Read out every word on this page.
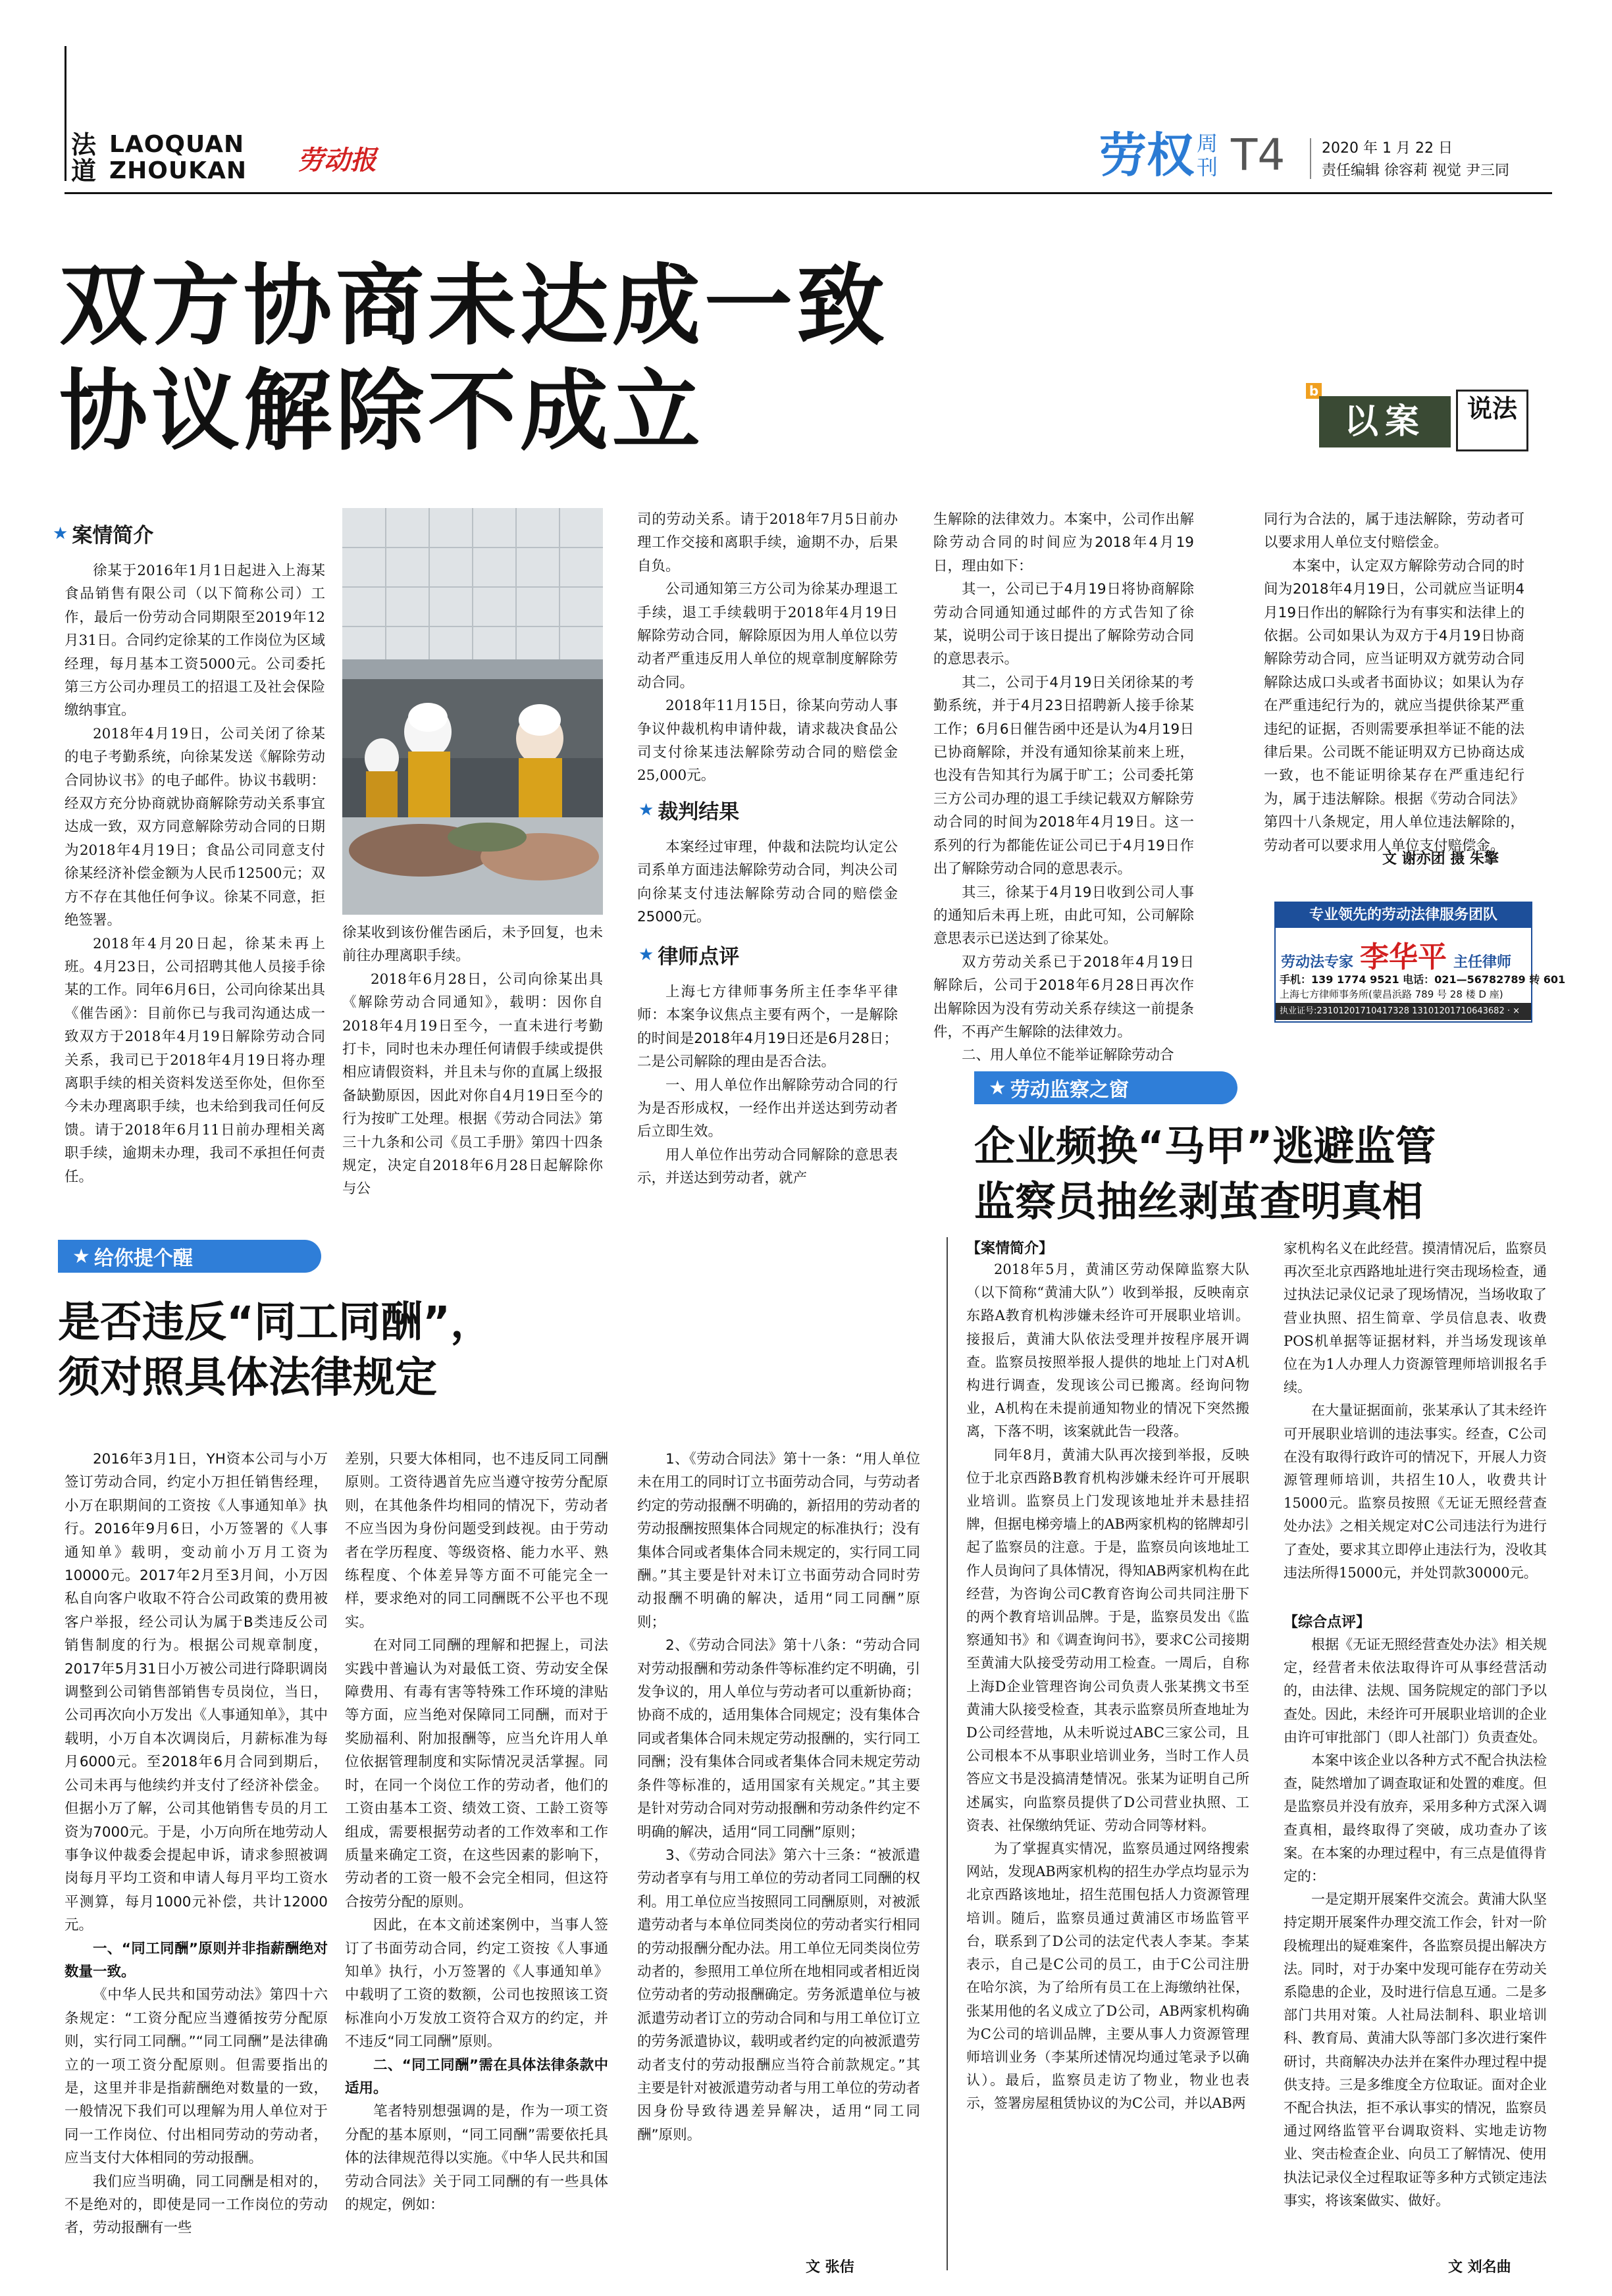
法
道
LAOQUAN
ZHOUKAN 劳动报	劳权 周
刊 T4	2020 年 1 月 22 日
责任编辑 徐容莉 视觉 尹三同
双方协商未达成一致
协议解除不成立	b
以案	说法
★ 案情简介

徐某于2016年1月1日起进入上海某食品销售有限公司（以下简称公司）工作，最后一份劳动合同期限至2019年12月31日。合同约定徐某的工作岗位为区域经理，每月基本工资5000元。公司委托第三方公司办理员工的招退工及社会保险缴纳事宜。

2018年4月19日，公司关闭了徐某的电子考勤系统，向徐某发送《解除劳动合同协议书》的电子邮件。协议书载明：经双方充分协商就协商解除劳动关系事宜达成一致，双方同意解除劳动合同的日期为2018年4月19日；食品公司同意支付徐某经济补偿金额为人民币12500元；双方不存在其他任何争议。徐某不同意，拒绝签署。

2018年4月20日起，徐某未再上班。4月23日，公司招聘其他人员接手徐某的工作。同年6月6日，公司向徐某出具《催告函》：目前你已与我司沟通达成一致双方于2018年4月19日解除劳动合同关系，我司已于2018年4月19日将办理离职手续的相关资料发送至你处，但你至今未办理离职手续，也未给到我司任何反馈。请于2018年6月11日前办理相关离职手续，逾期未办理，我司不承担任何责任。

徐某收到该份催告函后，未予回复，也未前往办理离职手续。

2018年6月28日，公司向徐某出具《解除劳动合同通知》，载明：因你自2018年4月19日至今，一直未进行考勤打卡，同时也未办理任何请假手续或提供相应请假资料，并且未与你的直属上级报备缺勤原因，因此对你自4月19日至今的行为按旷工处理。根据《劳动合同法》第三十九条和公司《员工手册》第四十四条规定，决定自2018年6月28日起解除你与公

司的劳动关系。请于2018年7月5日前办理工作交接和离职手续，逾期不办，后果自负。

公司通知第三方公司为徐某办理退工手续，退工手续载明于2018年4月19日解除劳动合同，解除原因为用人单位以劳动者严重违反用人单位的规章制度解除劳动合同。

2018年11月15日，徐某向劳动人事争议仲裁机构申请仲裁，请求裁决食品公司支付徐某违法解除劳动合同的赔偿金25,000元。

★ 裁判结果

本案经过审理，仲裁和法院均认定公司系单方面违法解除劳动合同，判决公司向徐某支付违法解除劳动合同的赔偿金25000元。

★ 律师点评

上海七方律师事务所主任李华平律师：本案争议焦点主要有两个，一是解除的时间是2018年4月19日还是6月28日；二是公司解除的理由是否合法。

一、用人单位作出解除劳动合同的行为是否形成权，一经作出并送达到劳动者后立即生效。

用人单位作出劳动合同解除的意思表示，并送达到劳动者，就产

生解除的法律效力。本案中，公司作出解除劳动合同的时间应为2018年4月19日，理由如下：

其一，公司已于4月19日将协商解除劳动合同通知通过邮件的方式告知了徐某，说明公司于该日提出了解除劳动合同的意思表示。

其二，公司于4月19日关闭徐某的考勤系统，并于4月23日招聘新人接手徐某工作；6月6日催告函中还是认为4月19日已协商解除，并没有通知徐某前来上班，也没有告知其行为属于旷工；公司委托第三方公司办理的退工手续记载双方解除劳动合同的时间为2018年4月19日。这一系列的行为都能佐证公司已于4月19日作出了解除劳动合同的意思表示。

其三，徐某于4月19日收到公司人事的通知后未再上班，由此可知，公司解除意思表示已送达到了徐某处。

双方劳动关系已于2018年4月19日解除后，公司于2018年6月28日再次作出解除因为没有劳动关系存续这一前提条件，不再产生解除的法律效力。

二、用人单位不能举证解除劳动合

同行为合法的，属于违法解除，劳动者可以要求用人单位支付赔偿金。

本案中，认定双方解除劳动合同的时间为2018年4月19日，公司就应当证明4月19日作出的解除行为有事实和法律上的依据。公司如果认为双方于4月19日协商解除劳动合同，应当证明双方就劳动合同解除达成口头或者书面协议；如果认为存在严重违纪行为的，就应当提供徐某严重违纪的证据，否则需要承担举证不能的法律后果。公司既不能证明双方已协商达成一致，也不能证明徐某存在严重违纪行为，属于违法解除。根据《劳动合同法》第四十八条规定，用人单位违法解除的，劳动者可以要求用人单位支付赔偿金。

文 谢亦团 摄 朱擎
专业领先的劳动法律服务团队
劳动法专家 李华平 主任律师
手机：139 1774 9521 电话：021—56782789 转 601
上海七方律师事务所(蒙昌浜路 789 号 28 楼 D 座)
执业证号:23101201710417328 13101201710643682 · ×
★ 劳动监察之窗
企业频换“马甲”逃避监管
监察员抽丝剥茧查明真相
★ 给你提个醒
是否违反“同工同酬”，
须对照具体法律规定

2016年3月1日，YH资本公司与小万签订劳动合同，约定小万担任销售经理，小万在职期间的工资按《人事通知单》执行。2016年9月6日，小万签署的《人事通知单》载明，变动前小万月工资为10000元。2017年2月至3月间，小万因私自向客户收取不符合公司政策的费用被客户举报，经公司认为属于B类违反公司销售制度的行为。根据公司规章制度，2017年5月31日小万被公司进行降职调岗调整到公司销售部销售专员岗位，当日，公司再次向小万发出《人事通知单》，其中载明，小万自本次调岗后，月薪标准为每月6000元。至2018年6月合同到期后，公司未再与他续约并支付了经济补偿金。但据小万了解，公司其他销售专员的月工资为7000元。于是，小万向所在地劳动人事争议仲裁委会提起申诉，请求参照被调岗每月平均工资和申请人每月平均工资水平测算，每月1000元补偿，共计12000元。

一、“同工同酬”原则并非指薪酬绝对数量一致。

《中华人民共和国劳动法》第四十六条规定：“工资分配应当遵循按劳分配原则，实行同工同酬。”“同工同酬”是法律确立的一项工资分配原则。但需要指出的是，这里并非是指薪酬绝对数量的一致，一般情况下我们可以理解为用人单位对于同一工作岗位、付出相同劳动的劳动者，应当支付大体相同的劳动报酬。

我们应当明确，同工同酬是相对的，不是绝对的，即使是同一工作岗位的劳动者，劳动报酬有一些

差别，只要大体相同，也不违反同工同酬原则。工资待遇首先应当遵守按劳分配原则，在其他条件均相同的情况下，劳动者不应当因为身份问题受到歧视。由于劳动者在学历程度、等级资格、能力水平、熟练程度、个体差异等方面不可能完全一样，要求绝对的同工同酬既不公平也不现实。

在对同工同酬的理解和把握上，司法实践中普遍认为对最低工资、劳动安全保障费用、有毒有害等特殊工作环境的津贴等方面，应当绝对保障同工同酬，而对于奖励福利、附加报酬等，应当允许用人单位依据管理制度和实际情况灵活掌握。同时，在同一个岗位工作的劳动者，他们的工资由基本工资、绩效工资、工龄工资等组成，需要根据劳动者的工作效率和工作质量来确定工资，在这些因素的影响下，劳动者的工资一般不会完全相同，但这符合按劳分配的原则。

因此，在本文前述案例中，当事人签订了书面劳动合同，约定工资按《人事通知单》执行，小万签署的《人事通知单》中载明了工资的数额，公司也按照该工资标准向小万发放工资符合双方的约定，并不违反“同工同酬”原则。

二、“同工同酬”需在具体法律条款中适用。

笔者特别想强调的是，作为一项工资分配的基本原则，“同工同酬”需要依托具体的法律规范得以实施。《中华人民共和国劳动合同法》关于同工同酬的有一些具体的规定，例如：

1、《劳动合同法》第十一条：“用人单位未在用工的同时订立书面劳动合同，与劳动者约定的劳动报酬不明确的，新招用的劳动者的劳动报酬按照集体合同规定的标准执行；没有集体合同或者集体合同未规定的，实行同工同酬。”其主要是针对未订立书面劳动合同时劳动报酬不明确的解决，适用“同工同酬”原则；

2、《劳动合同法》第十八条：“劳动合同对劳动报酬和劳动条件等标准约定不明确，引发争议的，用人单位与劳动者可以重新协商；协商不成的，适用集体合同规定；没有集体合同或者集体合同未规定劳动报酬的，实行同工同酬；没有集体合同或者集体合同未规定劳动条件等标准的，适用国家有关规定。”其主要是针对劳动合同对劳动报酬和劳动条件约定不明确的解决，适用“同工同酬”原则；

3、《劳动合同法》第六十三条：“被派遣劳动者享有与用工单位的劳动者同工同酬的权利。用工单位应当按照同工同酬原则，对被派遣劳动者与本单位同类岗位的劳动者实行相同的劳动报酬分配办法。用工单位无同类岗位劳动者的，参照用工单位所在地相同或者相近岗位劳动者的劳动报酬确定。劳务派遣单位与被派遣劳动者订立的劳动合同和与用工单位订立的劳务派遣协议，载明或者约定的向被派遣劳动者支付的劳动报酬应当符合前款规定。”其主要是针对被派遣劳动者与用工单位的劳动者因身份导致待遇差异解决，适用“同工同酬”原则。

文 张佶
【案情简介】

2018年5月，黄浦区劳动保障监察大队（以下简称“黄浦大队”）收到举报，反映南京东路A教育机构涉嫌未经许可开展职业培训。接报后，黄浦大队依法受理并按程序展开调查。监察员按照举报人提供的地址上门对A机构进行调查，发现该公司已搬离。经询问物业，A机构在未提前通知物业的情况下突然搬离，下落不明，该案就此告一段落。

同年8月，黄浦大队再次接到举报，反映位于北京西路B教育机构涉嫌未经许可开展职业培训。监察员上门发现该地址并未悬挂招牌，但据电梯旁墙上的AB两家机构的铭牌却引起了监察员的注意。于是，监察员向该地址工作人员询问了具体情况，得知AB两家机构在此经营，为咨询公司C教育咨询公司共同注册下的两个教育培训品牌。于是，监察员发出《监察通知书》和《调查询问书》，要求C公司接期至黄浦大队接受劳动用工检查。一周后，自称上海D企业管理咨询公司负责人张某携文书至黄浦大队接受检查，其表示监察员所查地址为D公司经营地，从未听说过ABC三家公司，且公司根本不从事职业培训业务，当时工作人员答应文书是没搞清楚情况。张某为证明自己所述属实，向监察员提供了D公司营业执照、工资表、社保缴纳凭证、劳动合同等材料。

为了掌握真实情况，监察员通过网络搜索网站，发现AB两家机构的招生办学点均显示为北京西路该地址，招生范围包括人力资源管理培训。随后，监察员通过黄浦区市场监管平台，联系到了D公司的法定代表人李某。李某表示，自己是C公司的员工，由于C公司注册在哈尔滨，为了给所有员工在上海缴纳社保，张某用他的名义成立了D公司，AB两家机构确为C公司的培训品牌，主要从事人力资源管理师培训业务（李某所述情况均通过笔录予以确认）。最后，监察员走访了物业，物业也表示，签署房屋租赁协议的为C公司，并以AB两

家机构名义在此经营。摸清情况后，监察员再次至北京西路地址进行突击现场检查，通过执法记录仪记录了现场情况，当场收取了营业执照、招生简章、学员信息表、收费POS机单据等证据材料，并当场发现该单位在为1人办理人力资源管理师培训报名手续。

在大量证据面前，张某承认了其未经许可开展职业培训的违法事实。经查，C公司在没有取得行政许可的情况下，开展人力资源管理师培训，共招生10人，收费共计15000元。监察员按照《无证无照经营查处办法》之相关规定对C公司违法行为进行了查处，要求其立即停止违法行为，没收其违法所得15000元，并处罚款30000元。

【综合点评】

根据《无证无照经营查处办法》相关规定，经营者未依法取得许可从事经营活动的，由法律、法规、国务院规定的部门予以查处。因此，未经许可开展职业培训的企业由许可审批部门（即人社部门）负责查处。

本案中该企业以各种方式不配合执法检查，陡然增加了调查取证和处置的难度。但是监察员并没有放弃，采用多种方式深入调查真相，最终取得了突破，成功查办了该案。在本案的办理过程中，有三点是值得肯定的：

一是定期开展案件交流会。黄浦大队坚持定期开展案件办理交流工作会，针对一阶段梳理出的疑难案件，各监察员提出解决方法。同时，对于办案中发现可能存在劳动关系隐患的企业，及时进行信息互通。二是多部门共用对策。人社局法制科、职业培训科、教育局、黄浦大队等部门多次进行案件研讨，共商解决办法并在案件办理过程中提供支持。三是多维度全方位取证。面对企业不配合执法，拒不承认事实的情况，监察员通过网络监管平台调取资料、实地走访物业、突击检查企业、向员工了解情况、使用执法记录仪全过程取证等多种方式锁定违法事实，将该案做实、做好。

文 刘名曲
